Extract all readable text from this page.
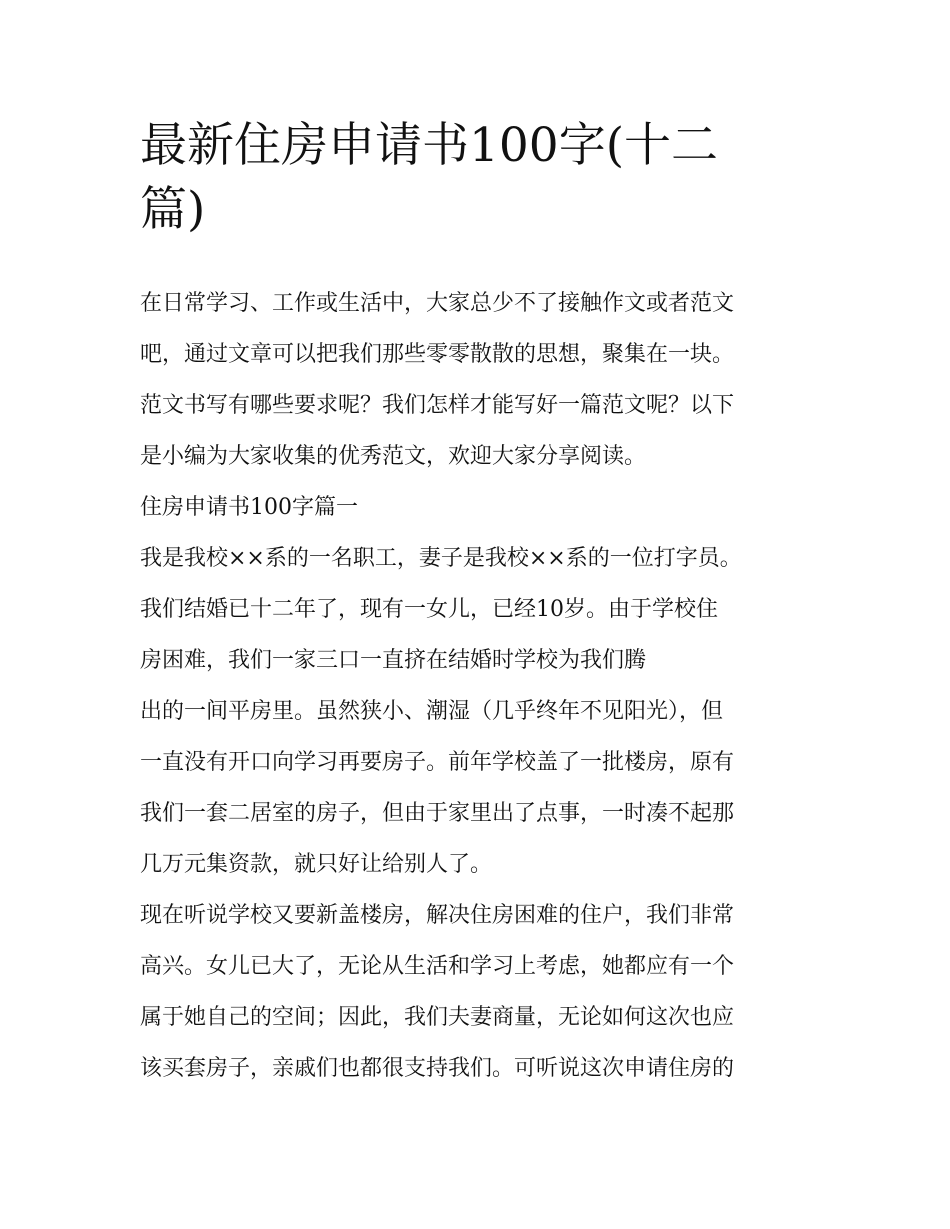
最新住房申请书100字(十二
篇)
在日常学习、工作或生活中，大家总少不了接触作文或者范文
吧，通过文章可以把我们那些零零散散的思想，聚集在一块。
范文书写有哪些要求呢？我们怎样才能写好一篇范文呢？以下
是小编为大家收集的优秀范文，欢迎大家分享阅读。
住房申请书100字篇一
我是我校××系的一名职工，妻子是我校××系的一位打字员。
我们结婚已十二年了，现有一女儿，已经10岁。由于学校住
房困难，我们一家三口一直挤在结婚时学校为我们腾
出的一间平房里。虽然狭小、潮湿（几乎终年不见阳光），但
一直没有开口向学习再要房子。前年学校盖了一批楼房，原有
我们一套二居室的房子，但由于家里出了点事，一时凑不起那
几万元集资款，就只好让给别人了。
现在听说学校又要新盖楼房，解决住房困难的住户，我们非常
高兴。女儿已大了，无论从生活和学习上考虑，她都应有一个
属于她自己的空间；因此，我们夫妻商量，无论如何这次也应
该买套房子，亲戚们也都很支持我们。可听说这次申请住房的
